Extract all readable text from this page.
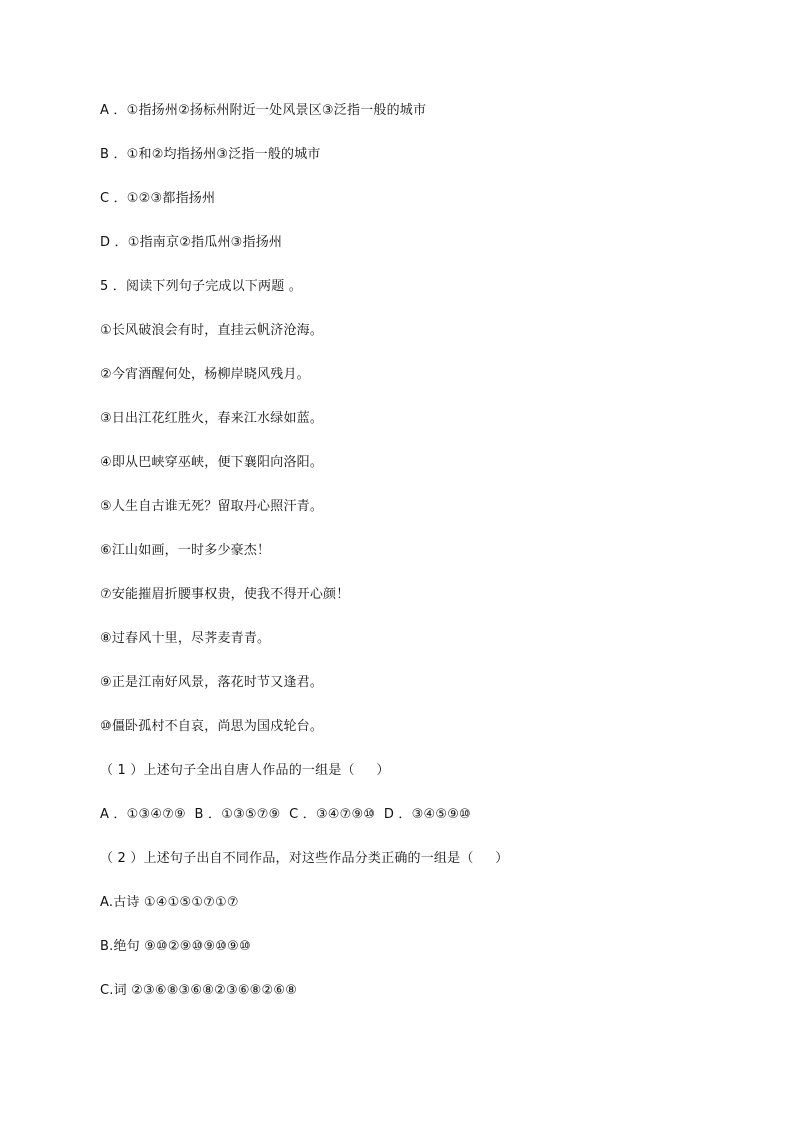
A ．①指扬州②扬标州附近一处风景区③泛指一般的城市
B ．①和②均指扬州③泛指一般的城市
C ．①②③都指扬州
D ．①指南京②指瓜州③指扬州
5 ．阅读下列句子完成以下两题 。
①长风破浪会有时，直挂云帆济沧海。
②今宵酒醒何处，杨柳岸晓风残月。
③日出江花红胜火，春来江水绿如蓝。
④即从巴峡穿巫峡，便下襄阳向洛阳。
⑤人生自古谁无死？留取丹心照汗青。
⑥江山如画，一时多少豪杰！
⑦安能摧眉折腰事权贵，使我不得开心颜！
⑧过春风十里，尽荠麦青青。
⑨正是江南好风景，落花时节又逢君。
⑩僵卧孤村不自哀，尚思为国戍轮台。
（ 1 ）上述句子全出自唐人作品的一组是（     ）
A ．①③④⑦⑨  B ．①③⑤⑦⑨  C ．③④⑦⑨⑩  D ．③④⑤⑨⑩
（ 2 ）上述句子出自不同作品，对这些作品分类正确的一组是（     ）
A.古诗 ①④①⑤①⑦①⑦
B.绝句 ⑨⑩②⑨⑩⑨⑩⑨⑩
C.词 ②③⑥⑧③⑥⑧②③⑥⑧②⑥⑧
